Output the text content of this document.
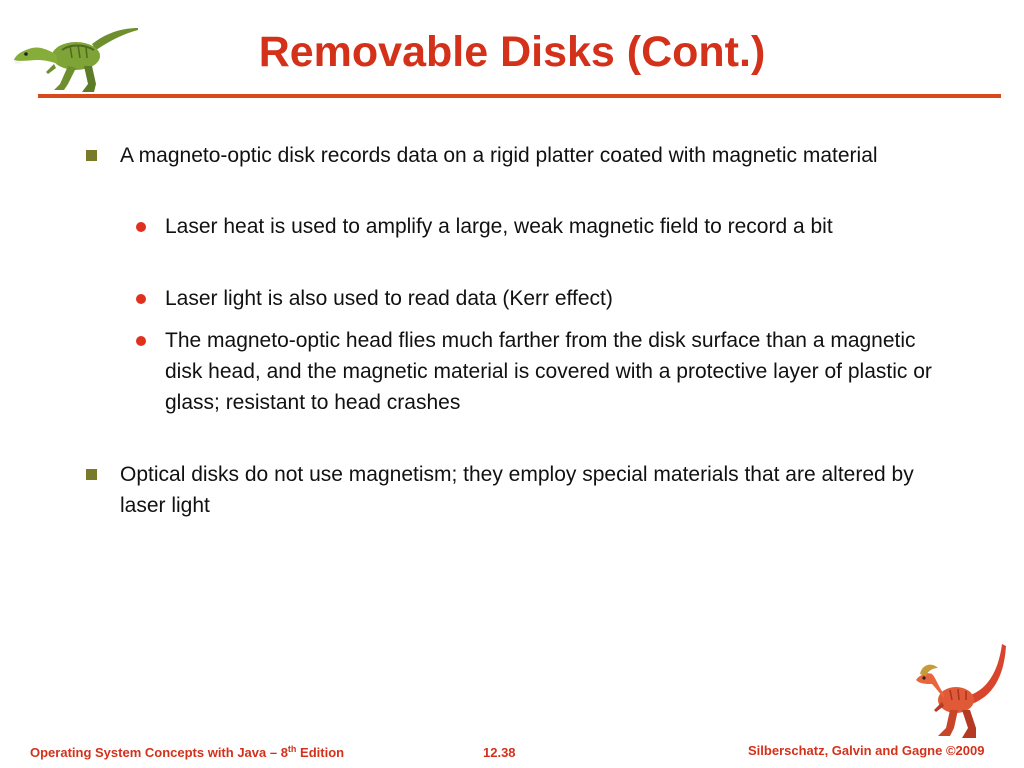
Removable Disks (Cont.)
A magneto-optic disk records data on a rigid platter coated with magnetic material
Laser heat is used to amplify a large, weak magnetic field to record a bit
Laser light is also used to read data (Kerr effect)
The magneto-optic head flies much farther from the disk surface than a magnetic disk head, and the magnetic material is covered with a protective layer of plastic or glass; resistant to head crashes
Optical disks do not use magnetism; they employ special materials that are altered by laser light
Operating System Concepts with Java – 8th Edition	12.38	Silberschatz, Galvin and Gagne ©2009
